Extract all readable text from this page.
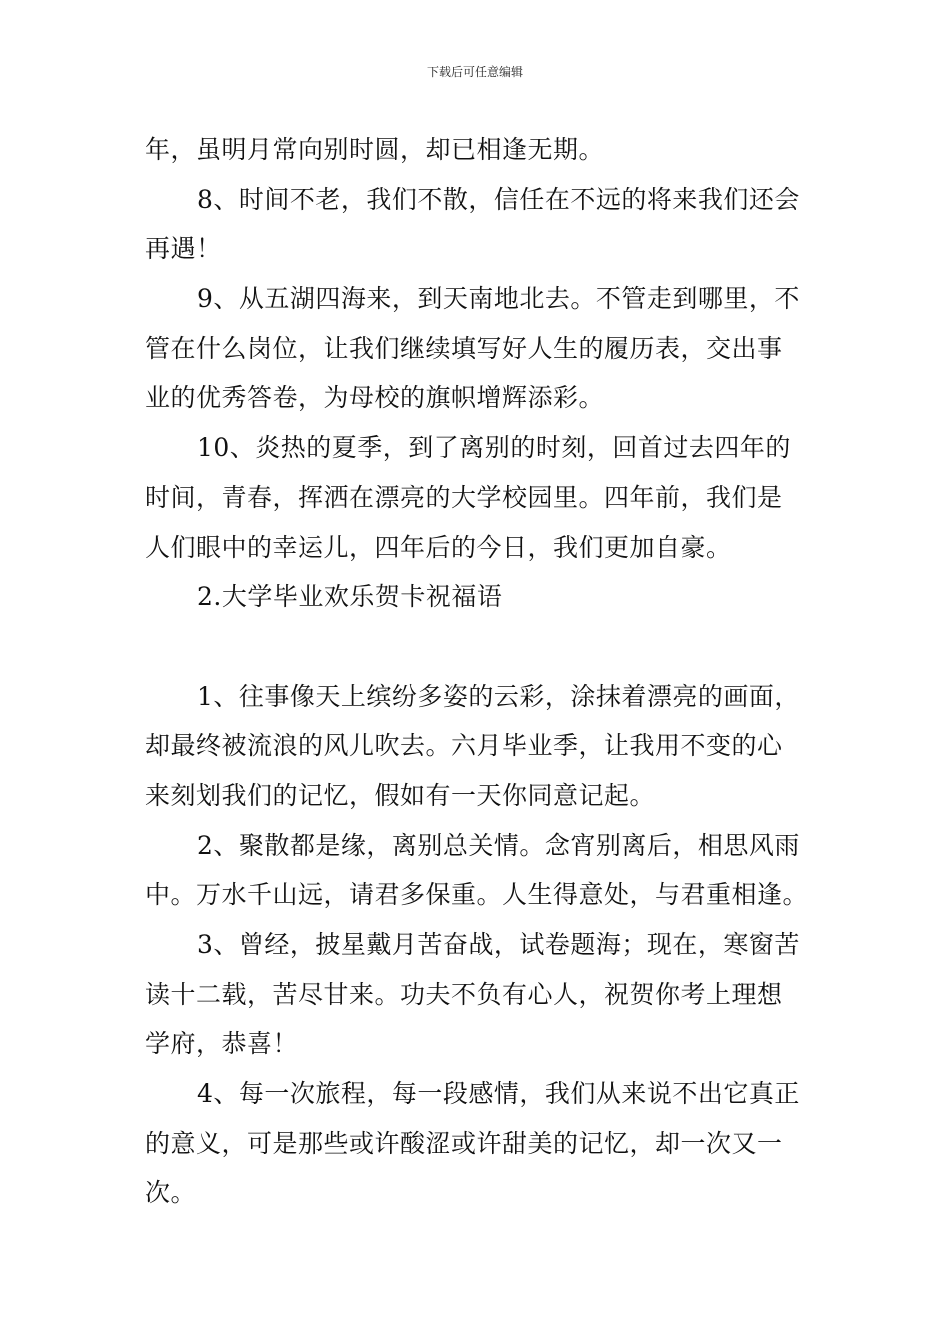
下载后可任意编辑
年，虽明月常向别时圆，却已相逢无期。
8、时间不老，我们不散，信任在不远的将来我们还会
再遇！
9、从五湖四海来，到天南地北去。不管走到哪里，不
管在什么岗位，让我们继续填写好人生的履历表，交出事
业的优秀答卷，为母校的旗帜增辉添彩。
10、炎热的夏季，到了离别的时刻，回首过去四年的
时间，青春，挥洒在漂亮的大学校园里。四年前，我们是
人们眼中的幸运儿，四年后的今日，我们更加自豪。
2.大学毕业欢乐贺卡祝福语
1、往事像天上缤纷多姿的云彩，涂抹着漂亮的画面，
却最终被流浪的风儿吹去。六月毕业季，让我用不变的心
来刻划我们的记忆，假如有一天你同意记起。
2、聚散都是缘，离别总关情。念宵别离后，相思风雨
中。万水千山远，请君多保重。人生得意处，与君重相逢。
3、曾经，披星戴月苦奋战，试卷题海；现在，寒窗苦
读十二载，苦尽甘来。功夫不负有心人，祝贺你考上理想
学府，恭喜！
4、每一次旅程，每一段感情，我们从来说不出它真正
的意义，可是那些或许酸涩或许甜美的记忆，却一次又一
次。
